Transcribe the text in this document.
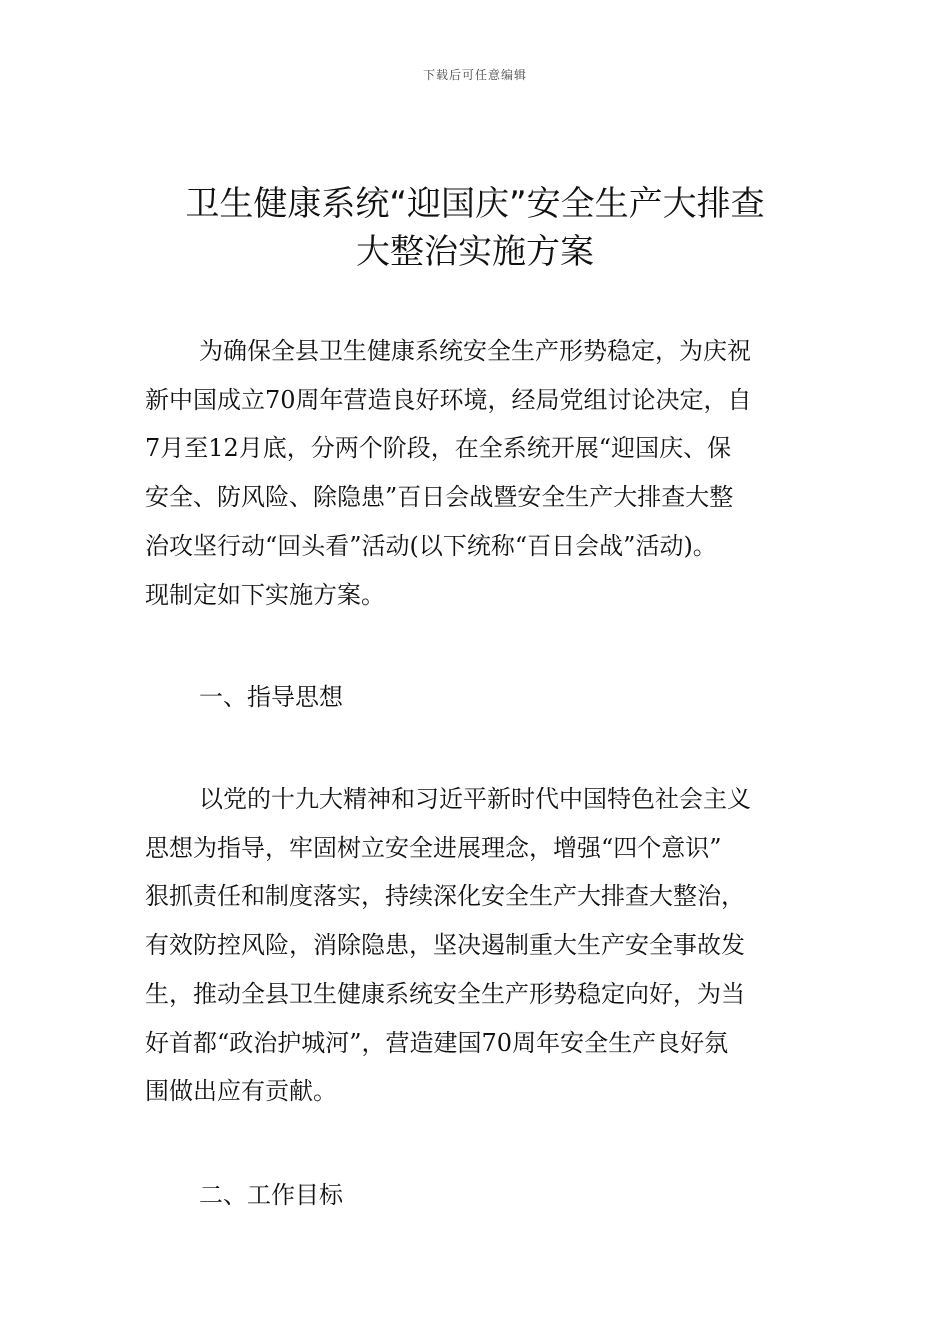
下载后可任意编辑
卫生健康系统“迎国庆”安全生产大排查
大整治实施方案
为确保全县卫生健康系统安全生产形势稳定，为庆祝
新中国成立70周年营造良好环境，经局党组讨论决定，自
7月至12月底，分两个阶段，在全系统开展“迎国庆、保
安全、防风险、除隐患”百日会战暨安全生产大排查大整
治攻坚行动“回头看”活动(以下统称“百日会战”活动)。
现制定如下实施方案。
一、指导思想
以党的十九大精神和习近平新时代中国特色社会主义
思想为指导，牢固树立安全进展理念，增强“四个意识”
狠抓责任和制度落实，持续深化安全生产大排查大整治，
有效防控风险，消除隐患，坚决遏制重大生产安全事故发
生，推动全县卫生健康系统安全生产形势稳定向好，为当
好首都“政治护城河”，营造建国70周年安全生产良好氛
围做出应有贡献。
二、工作目标
